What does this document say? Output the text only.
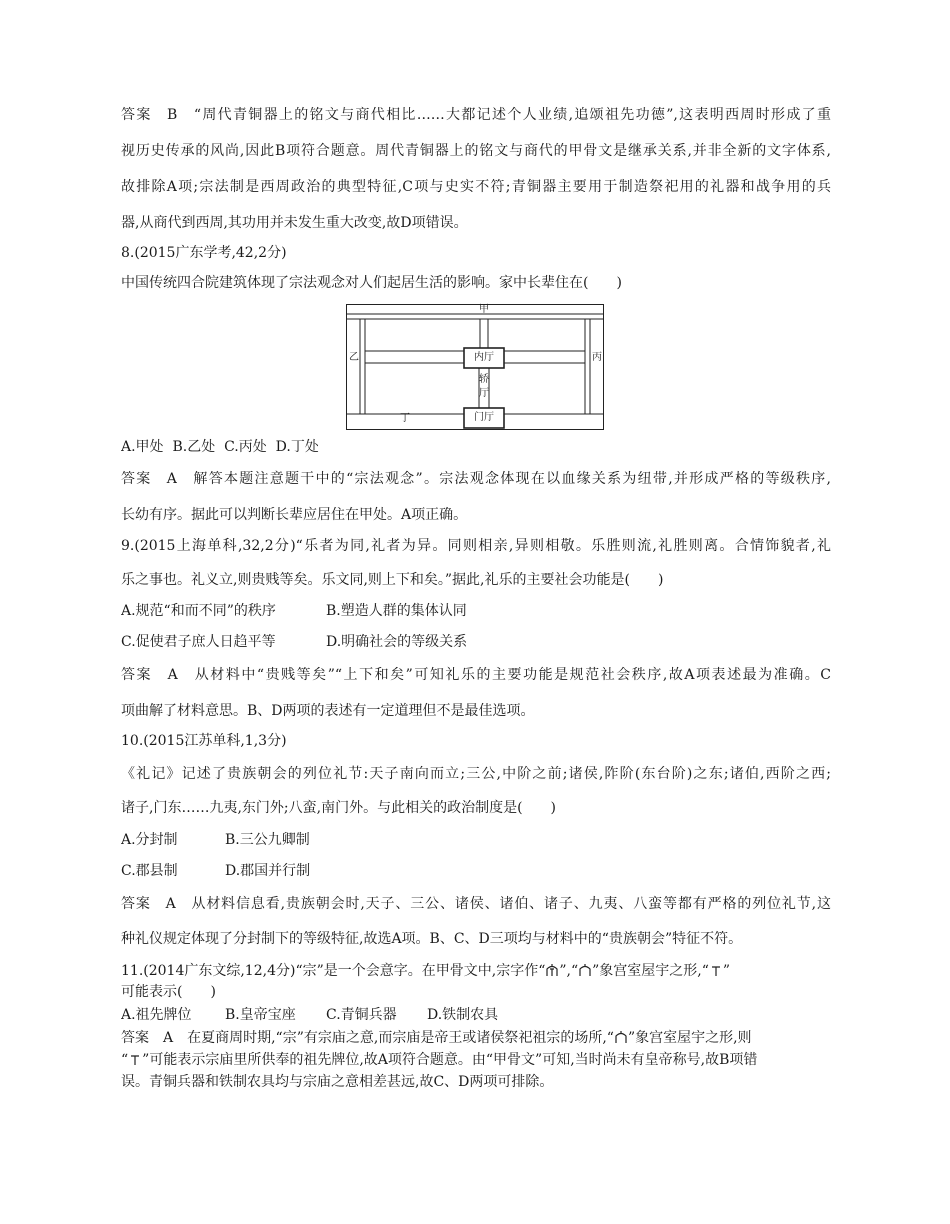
答案　B　“周代青铜器上的铭文与商代相比……大都记述个人业绩,追颂祖先功德”,这表明西周时形成了重
视历史传承的风尚,因此B项符合题意。周代青铜器上的铭文与商代的甲骨文是继承关系,并非全新的文字体系,
故排除A项;宗法制是西周政治的典型特征,C项与史实不符;青铜器主要用于制造祭祀用的礼器和战争用的兵
器,从商代到西周,其功用并未发生重大改变,故D项错误。
8.(2015广东学考,42,2分)
中国传统四合院建筑体现了宗法观念对人们起居生活的影响。家中长辈住在(　　)
甲
乙	丙
丁
内厅
轿
厅
门厅
A.甲处  B.乙处  C.丙处  D.丁处
答案　A　解答本题注意题干中的“宗法观念”。宗法观念体现在以血缘关系为纽带,并形成严格的等级秩序,
长幼有序。据此可以判断长辈应居住在甲处。A项正确。
9.(2015上海单科,32,2分)“乐者为同,礼者为异。同则相亲,异则相敬。乐胜则流,礼胜则离。合情饰貌者,礼
乐之事也。礼义立,则贵贱等矣。乐文同,则上下和矣。”据此,礼乐的主要社会功能是(　　)
A.规范“和而不同”的秩序	B.塑造人群的集体认同
C.促使君子庶人日趋平等	D.明确社会的等级关系
答案　A　从材料中“贵贱等矣”“上下和矣”可知礼乐的主要功能是规范社会秩序,故A项表述最为准确。C
项曲解了材料意思。B、D两项的表述有一定道理但不是最佳选项。
10.(2015江苏单科,1,3分)
《礼记》记述了贵族朝会的列位礼节:天子南向而立;三公,中阶之前;诸侯,阼阶(东台阶)之东;诸伯,西阶之西;
诸子,门东……九夷,东门外;八蛮,南门外。与此相关的政治制度是(　　)
A.分封制	B.三公九卿制
C.郡县制	D.郡国并行制
答案　A　从材料信息看,贵族朝会时,天子、三公、诸侯、诸伯、诸子、九夷、八蛮等都有严格的列位礼节,这
种礼仪规定体现了分封制下的等级特征,故选A项。B、C、D三项均与材料中的“贵族朝会”特征不符。
11.(2014广东文综,12,4分)“宗”是一个会意字。在甲骨文中,宗字作“ ”,“ ”象宫室屋宇之形,“ ”
可能表示(　　)
A.祖先牌位 B.皇帝宝座 C.青铜兵器 D.铁制农具
答案　A　在夏商周时期,“宗”有宗庙之意,而宗庙是帝王或诸侯祭祀祖宗的场所,“ ”象宫室屋宇之形,则
“ ”可能表示宗庙里所供奉的祖先牌位,故A项符合题意。由“甲骨文”可知,当时尚未有皇帝称号,故B项错
误。青铜兵器和铁制农具均与宗庙之意相差甚远,故C、D两项可排除。
